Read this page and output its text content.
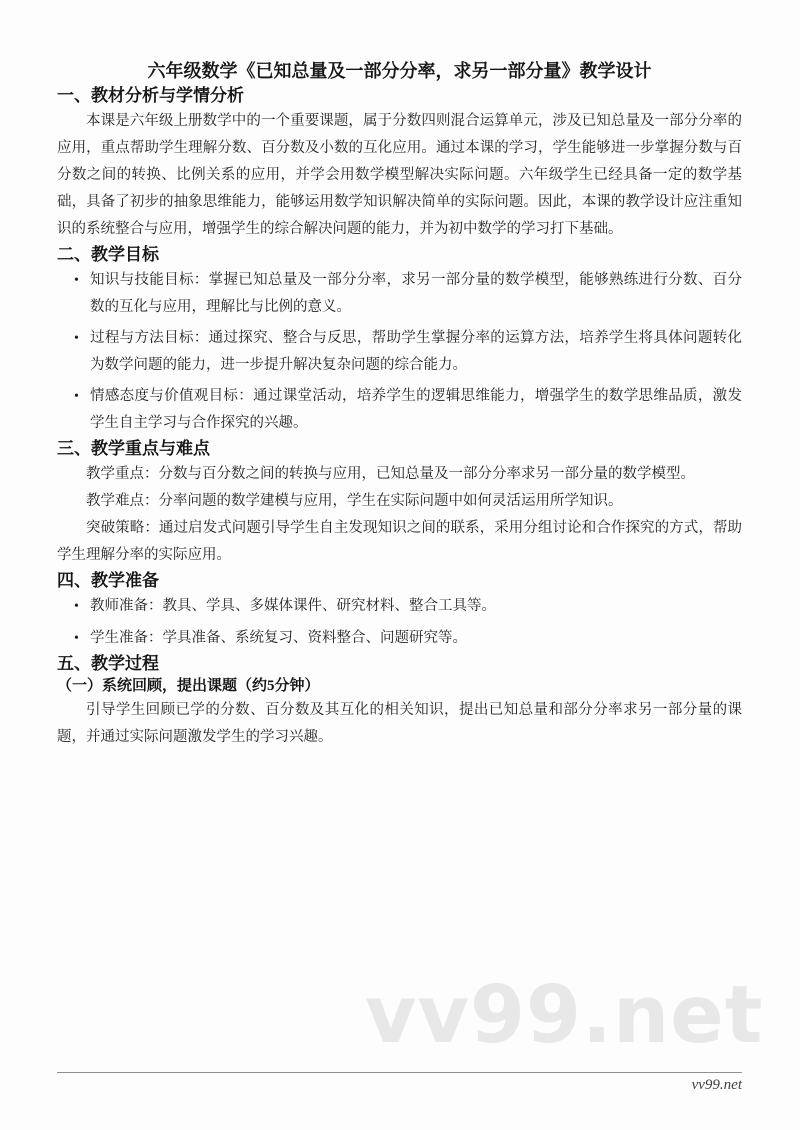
vv99.net
六年级数学《已知总量及一部分分率，求另一部分量》教学设计
一、教材分析与学情分析

本课是六年级上册数学中的一个重要课题，属于分数四则混合运算单元，涉及已知总量及一部分分率的应用，重点帮助学生理解分数、百分数及小数的互化应用。通过本课的学习，学生能够进一步掌握分数与百分数之间的转换、比例关系的应用，并学会用数学模型解决实际问题。六年级学生已经具备一定的数学基础，具备了初步的抽象思维能力，能够运用数学知识解决简单的实际问题。因此，本课的教学设计应注重知识的系统整合与应用，增强学生的综合解决问题的能力，并为初中数学的学习打下基础。

二、教学目标
• 知识与技能目标：掌握已知总量及一部分分率，求另一部分量的数学模型，能够熟练进行分数、百分数的互化与应用，理解比与比例的意义。
• 过程与方法目标：通过探究、整合与反思，帮助学生掌握分率的运算方法，培养学生将具体问题转化为数学问题的能力，进一步提升解决复杂问题的综合能力。
• 情感态度与价值观目标：通过课堂活动，培养学生的逻辑思维能力，增强学生的数学思维品质，激发学生自主学习与合作探究的兴趣。
三、教学重点与难点

教学重点：分数与百分数之间的转换与应用，已知总量及一部分分率求另一部分量的数学模型。

教学难点：分率问题的数学建模与应用，学生在实际问题中如何灵活运用所学知识。

突破策略：通过启发式问题引导学生自主发现知识之间的联系，采用分组讨论和合作探究的方式，帮助学生理解分率的实际应用。

四、教学准备
• 教师准备：教具、学具、多媒体课件、研究材料、整合工具等。
• 学生准备：学具准备、系统复习、资料整合、问题研究等。
五、教学过程
（一）系统回顾，提出课题（约5分钟）

引导学生回顾已学的分数、百分数及其互化的相关知识，提出已知总量和部分分率求另一部分量的课题，并通过实际问题激发学生的学习兴趣。

vv99.net
